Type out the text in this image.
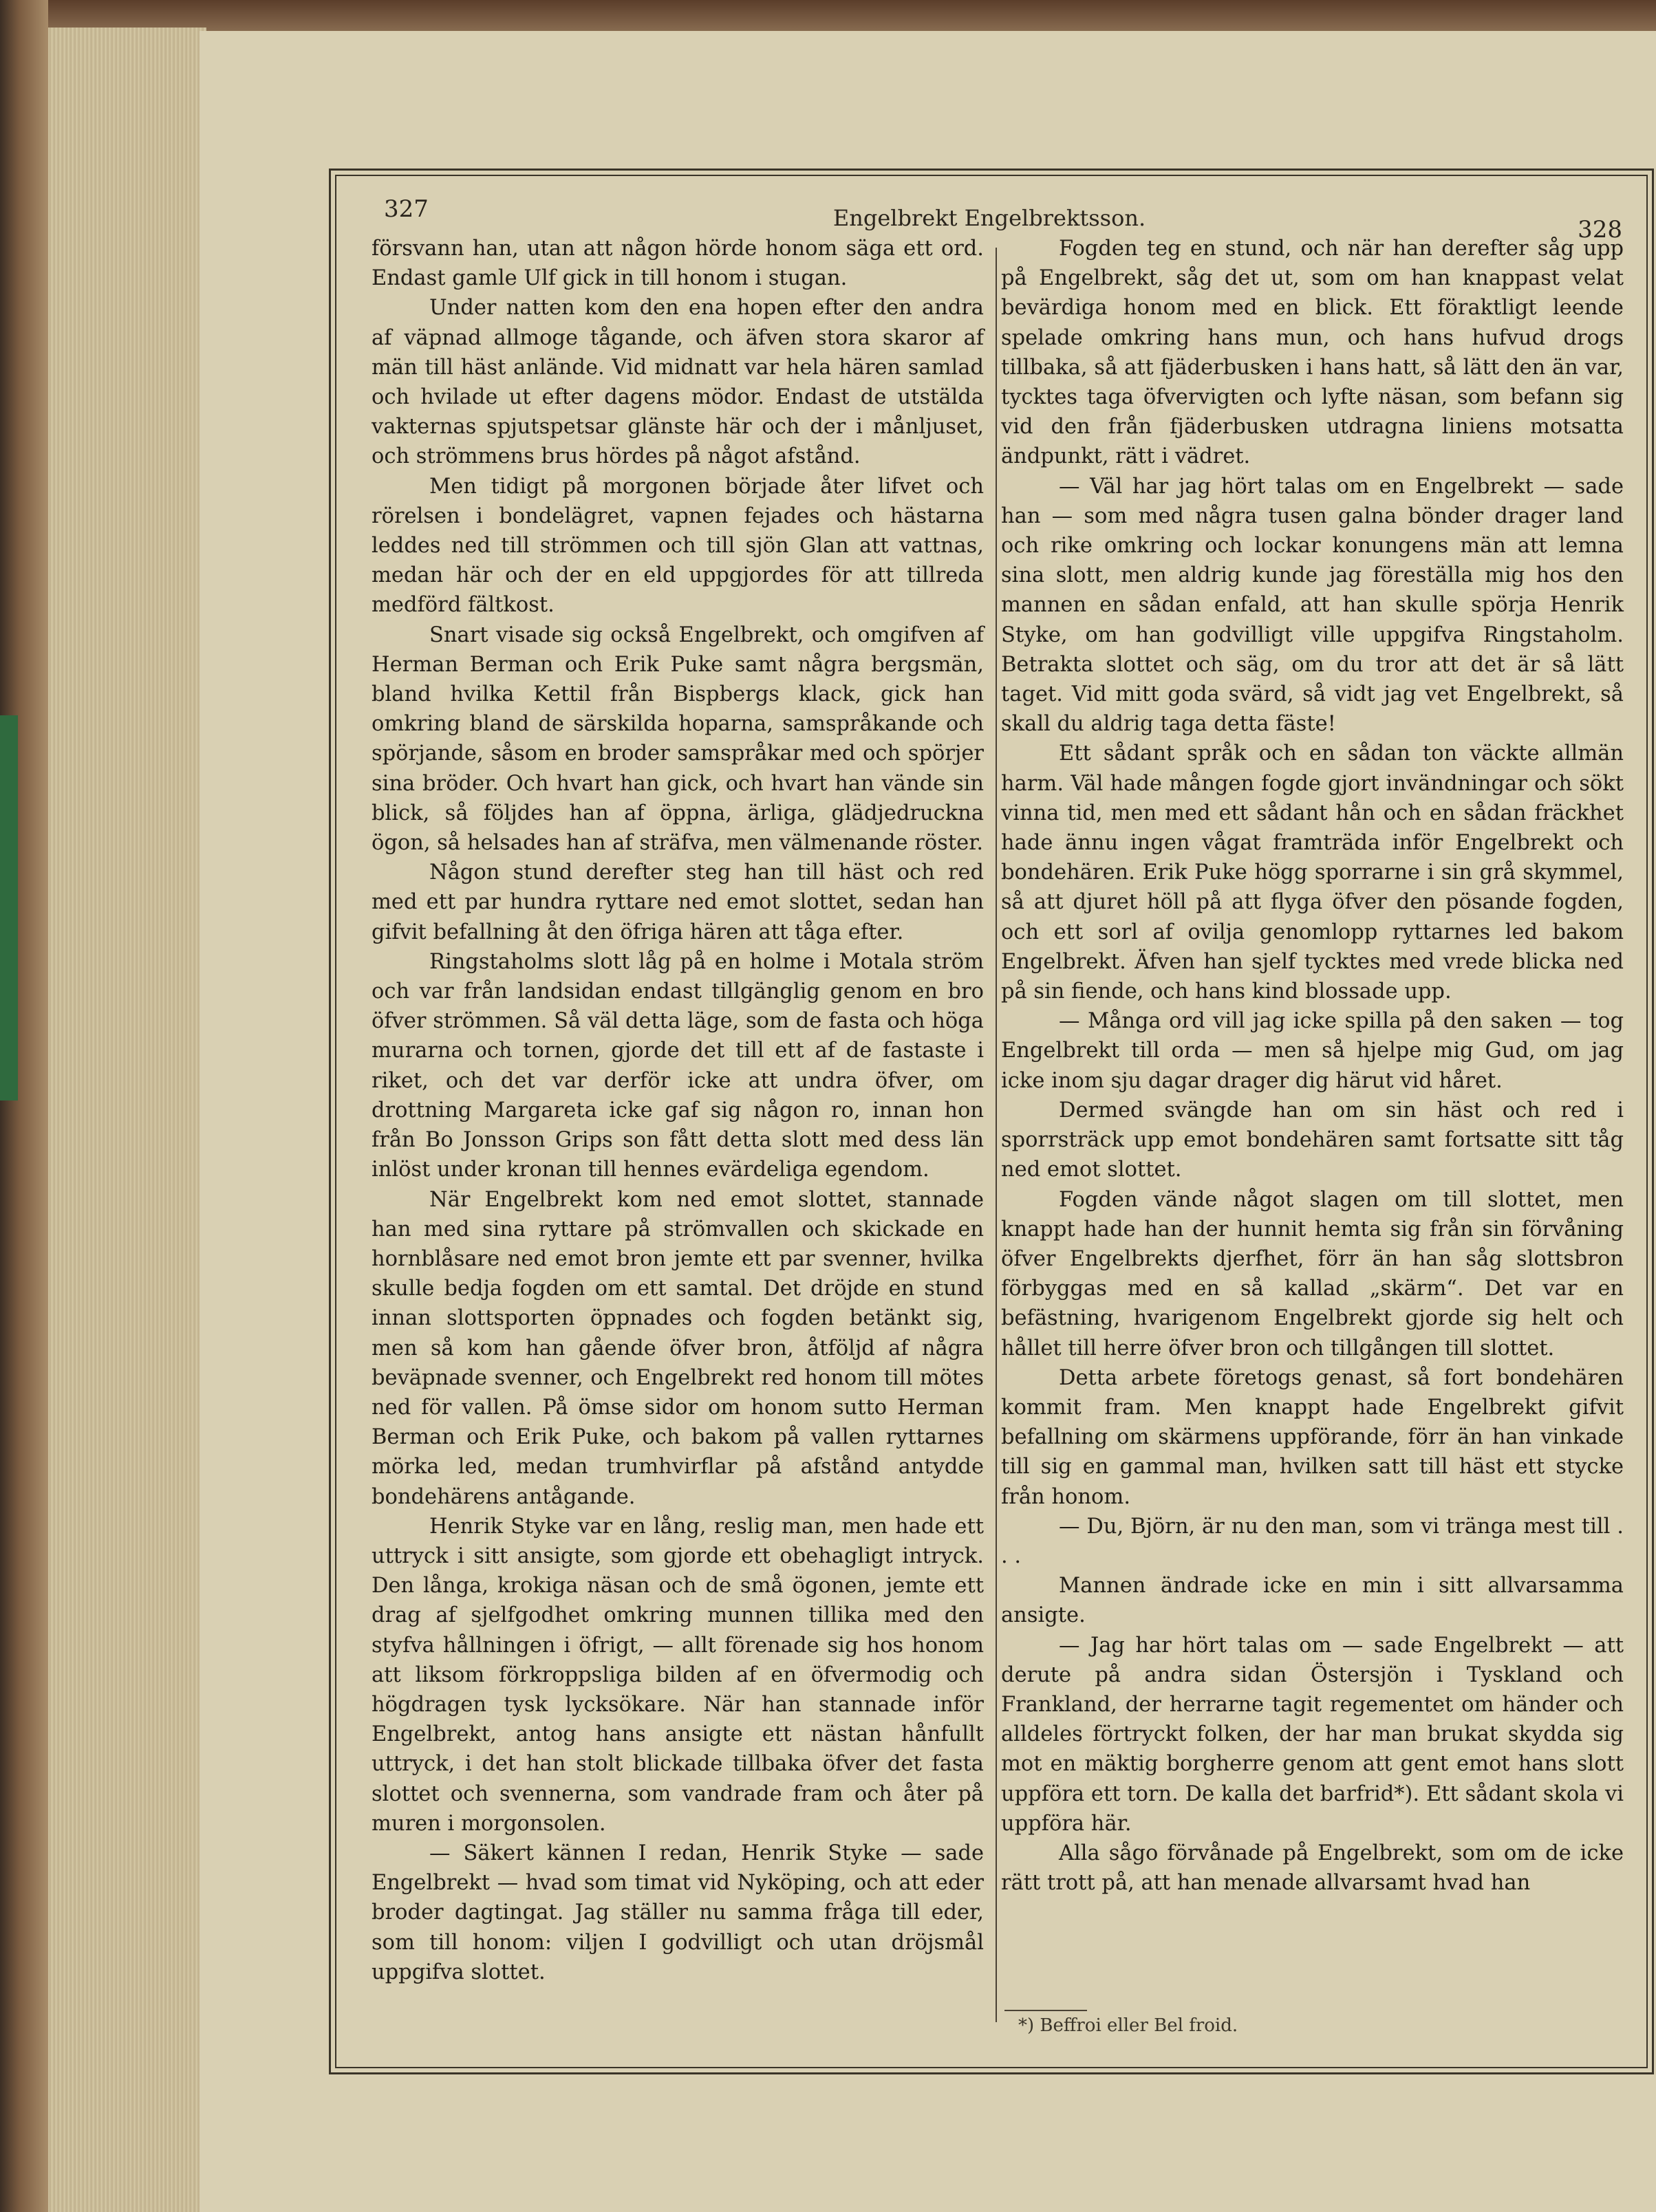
327	Engelbrekt Engelbrektsson.	328

försvann han, utan att någon hörde honom säga ett ord. Endast gamle Ulf gick in till honom i stugan.

Under natten kom den ena hopen efter den andra af väpnad allmoge tågande, och äfven stora skaror af män till häst anlände. Vid midnatt var hela hären samlad och hvilade ut efter dagens mödor. Endast de utstälda vakternas spjutspetsar glänste här och der i månljuset, och strömmens brus hördes på något afstånd.

Men tidigt på morgonen började åter lifvet och rörelsen i bondelägret, vapnen fejades och hästarna leddes ned till strömmen och till sjön Glan att vattnas, medan här och der en eld uppgjordes för att tillreda medförd fältkost.

Snart visade sig också Engelbrekt, och omgifven af Herman Berman och Erik Puke samt några bergsmän, bland hvilka Kettil från Bispbergs klack, gick han omkring bland de särskilda hoparna, samspråkande och spörjande, såsom en broder samspråkar med och spörjer sina bröder. Och hvart han gick, och hvart han vände sin blick, så följdes han af öppna, ärliga, glädjedruckna ögon, så helsades han af sträfva, men välmenande röster.

Någon stund derefter steg han till häst och red med ett par hundra ryttare ned emot slottet, sedan han gifvit befallning åt den öfriga hären att tåga efter.

Ringstaholms slott låg på en holme i Motala ström och var från landsidan endast tillgänglig genom en bro öfver strömmen. Så väl detta läge, som de fasta och höga murarna och tornen, gjorde det till ett af de fastaste i riket, och det var derför icke att undra öfver, om drottning Margareta icke gaf sig någon ro, innan hon från Bo Jonsson Grips son fått detta slott med dess län inlöst under kronan till hennes evärdeliga egendom.

När Engelbrekt kom ned emot slottet, stannade han med sina ryttare på strömvallen och skickade en hornblåsare ned emot bron jemte ett par svenner, hvilka skulle bedja fogden om ett samtal. Det dröjde en stund innan slottsporten öppnades och fogden betänkt sig, men så kom han gående öfver bron, åtföljd af några beväpnade svenner, och Engelbrekt red honom till mötes ned för vallen. På ömse sidor om honom sutto Herman Berman och Erik Puke, och bakom på vallen ryttarnes mörka led, medan trumhvirflar på afstånd antydde bondehärens antågande.

Henrik Styke var en lång, reslig man, men hade ett uttryck i sitt ansigte, som gjorde ett obehagligt intryck. Den långa, krokiga näsan och de små ögonen, jemte ett drag af sjelfgodhet omkring munnen tillika med den styfva hållningen i öfrigt, — allt förenade sig hos honom att liksom förkroppsliga bilden af en öfvermodig och högdragen tysk lycksökare. När han stannade inför Engelbrekt, antog hans ansigte ett nästan hånfullt uttryck, i det han stolt blickade tillbaka öfver det fasta slottet och svennerna, som vandrade fram och åter på muren i morgonsolen.

— Säkert kännen I redan, Henrik Styke — sade Engelbrekt — hvad som timat vid Nyköping, och att eder broder dagtingat. Jag ställer nu samma fråga till eder, som till honom: viljen I godvilligt och utan dröjsmål uppgifva slottet.

Fogden teg en stund, och när han derefter såg upp på Engelbrekt, såg det ut, som om han knappast velat bevärdiga honom med en blick. Ett föraktligt leende spelade omkring hans mun, och hans hufvud drogs tillbaka, så att fjäderbusken i hans hatt, så lätt den än var, tycktes taga öfvervigten och lyfte näsan, som befann sig vid den från fjäderbusken utdragna liniens motsatta ändpunkt, rätt i vädret.

— Väl har jag hört talas om en Engelbrekt — sade han — som med några tusen galna bönder drager land och rike omkring och lockar konungens män att lemna sina slott, men aldrig kunde jag föreställa mig hos den mannen en sådan enfald, att han skulle spörja Henrik Styke, om han godvilligt ville uppgifva Ringstaholm. Betrakta slottet och säg, om du tror att det är så lätt taget. Vid mitt goda svärd, så vidt jag vet Engelbrekt, så skall du aldrig taga detta fäste!

Ett sådant språk och en sådan ton väckte allmän harm. Väl hade mången fogde gjort invändningar och sökt vinna tid, men med ett sådant hån och en sådan fräckhet hade ännu ingen vågat framträda inför Engelbrekt och bondehären. Erik Puke högg sporrarne i sin grå skymmel, så att djuret höll på att flyga öfver den pösande fogden, och ett sorl af ovilja genomlopp ryttarnes led bakom Engelbrekt. Äfven han sjelf tycktes med vrede blicka ned på sin fiende, och hans kind blossade upp.

— Många ord vill jag icke spilla på den saken — tog Engelbrekt till orda — men så hjelpe mig Gud, om jag icke inom sju dagar drager dig härut vid håret.

Dermed svängde han om sin häst och red i sporrsträck upp emot bondehären samt fortsatte sitt tåg ned emot slottet.

Fogden vände något slagen om till slottet, men knappt hade han der hunnit hemta sig från sin förvåning öfver Engelbrekts djerfhet, förr än han såg slottsbron förbyggas med en så kallad „skärm“. Det var en befästning, hvarigenom Engelbrekt gjorde sig helt och hållet till herre öfver bron och tillgången till slottet.

Detta arbete företogs genast, så fort bondehären kommit fram. Men knappt hade Engelbrekt gifvit befallning om skärmens uppförande, förr än han vinkade till sig en gammal man, hvilken satt till häst ett stycke från honom.

— Du, Björn, är nu den man, som vi tränga mest till . . .

Mannen ändrade icke en min i sitt allvarsamma ansigte.

— Jag har hört talas om — sade Engelbrekt — att derute på andra sidan Östersjön i Tyskland och Frankland, der herrarne tagit regementet om händer och alldeles förtryckt folken, der har man brukat skydda sig mot en mäktig borgherre genom att gent emot hans slott uppföra ett torn. De kalla det barfrid*). Ett sådant skola vi uppföra här.

Alla sågo förvånade på Engelbrekt, som om de icke rätt trott på, att han menade allvarsamt hvad han

*) Beffroi eller Bel froid.
